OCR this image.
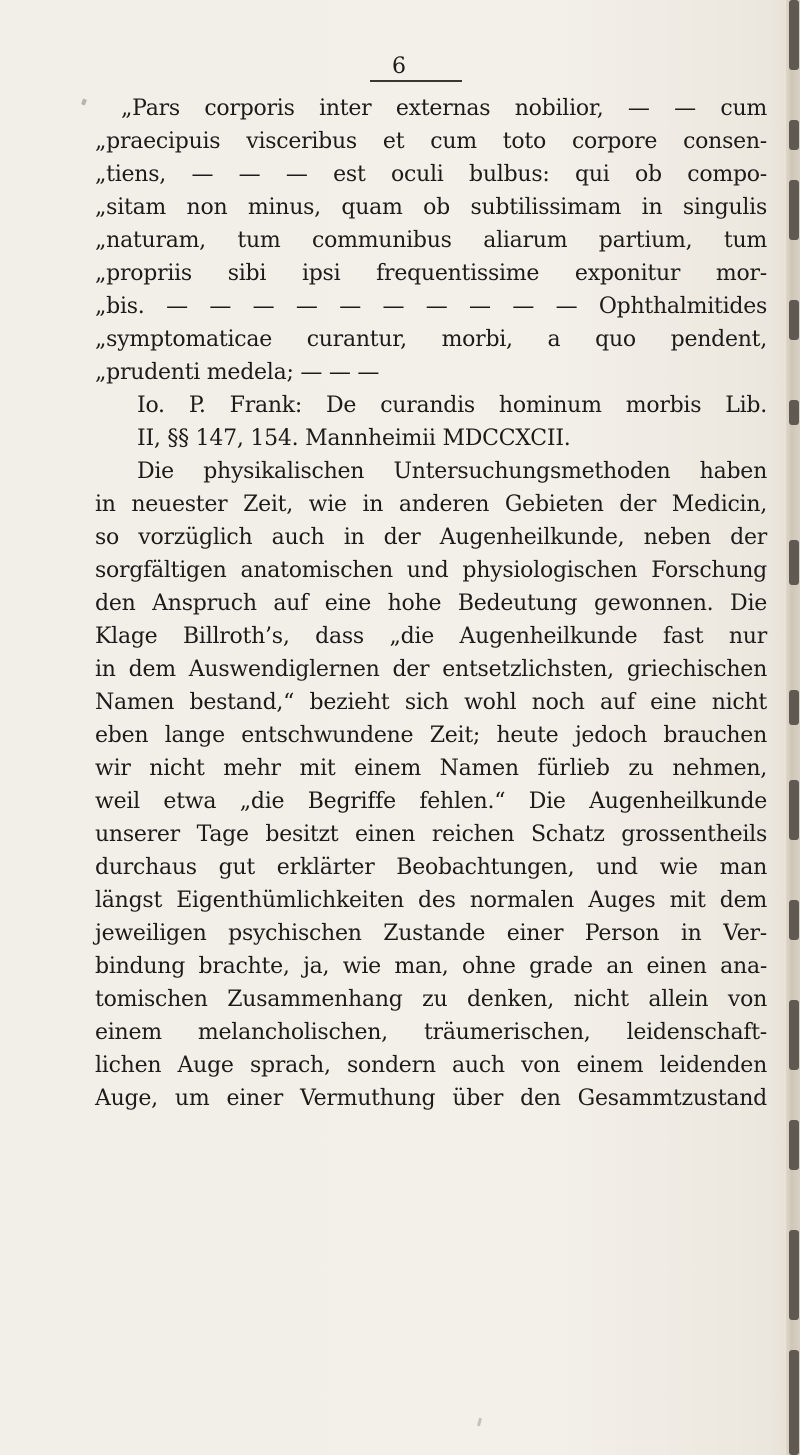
6
„Pars corporis inter externas nobilior, — — cum
„praecipuis visceribus et cum toto corpore consen-
„tiens, — — — est oculi bulbus: qui ob compo-
„sitam non minus, quam ob subtilissimam in singulis
„naturam, tum communibus aliarum partium, tum
„propriis sibi ipsi frequentissime exponitur mor-
„bis. — — — — — — — — — — Ophthalmitides
„symptomaticae curantur, morbi, a quo pendent,
„prudenti medela; — — —
Io. P. Frank: De curandis hominum morbis Lib.
II, §§ 147, 154. Mannheimii MDCCXCII.
Die physikalischen Untersuchungsmethoden haben
in neuester Zeit, wie in anderen Gebieten der Medicin,
so vorzüglich auch in der Augenheilkunde, neben der
sorgfältigen anatomischen und physiologischen Forschung
den Anspruch auf eine hohe Bedeutung gewonnen. Die
Klage Billroth’s, dass „die Augenheilkunde fast nur
in dem Auswendiglernen der entsetzlichsten, griechischen
Namen bestand,“ bezieht sich wohl noch auf eine nicht
eben lange entschwundene Zeit; heute jedoch brauchen
wir nicht mehr mit einem Namen fürlieb zu nehmen,
weil etwa „die Begriffe fehlen.“ Die Augenheilkunde
unserer Tage besitzt einen reichen Schatz grossentheils
durchaus gut erklärter Beobachtungen, und wie man
längst Eigenthümlichkeiten des normalen Auges mit dem
jeweiligen psychischen Zustande einer Person in Ver-
bindung brachte, ja, wie man, ohne grade an einen ana-
tomischen Zusammenhang zu denken, nicht allein von
einem melancholischen, träumerischen, leidenschaft-
lichen Auge sprach, sondern auch von einem leidenden
Auge, um einer Vermuthung über den Gesammtzustand
